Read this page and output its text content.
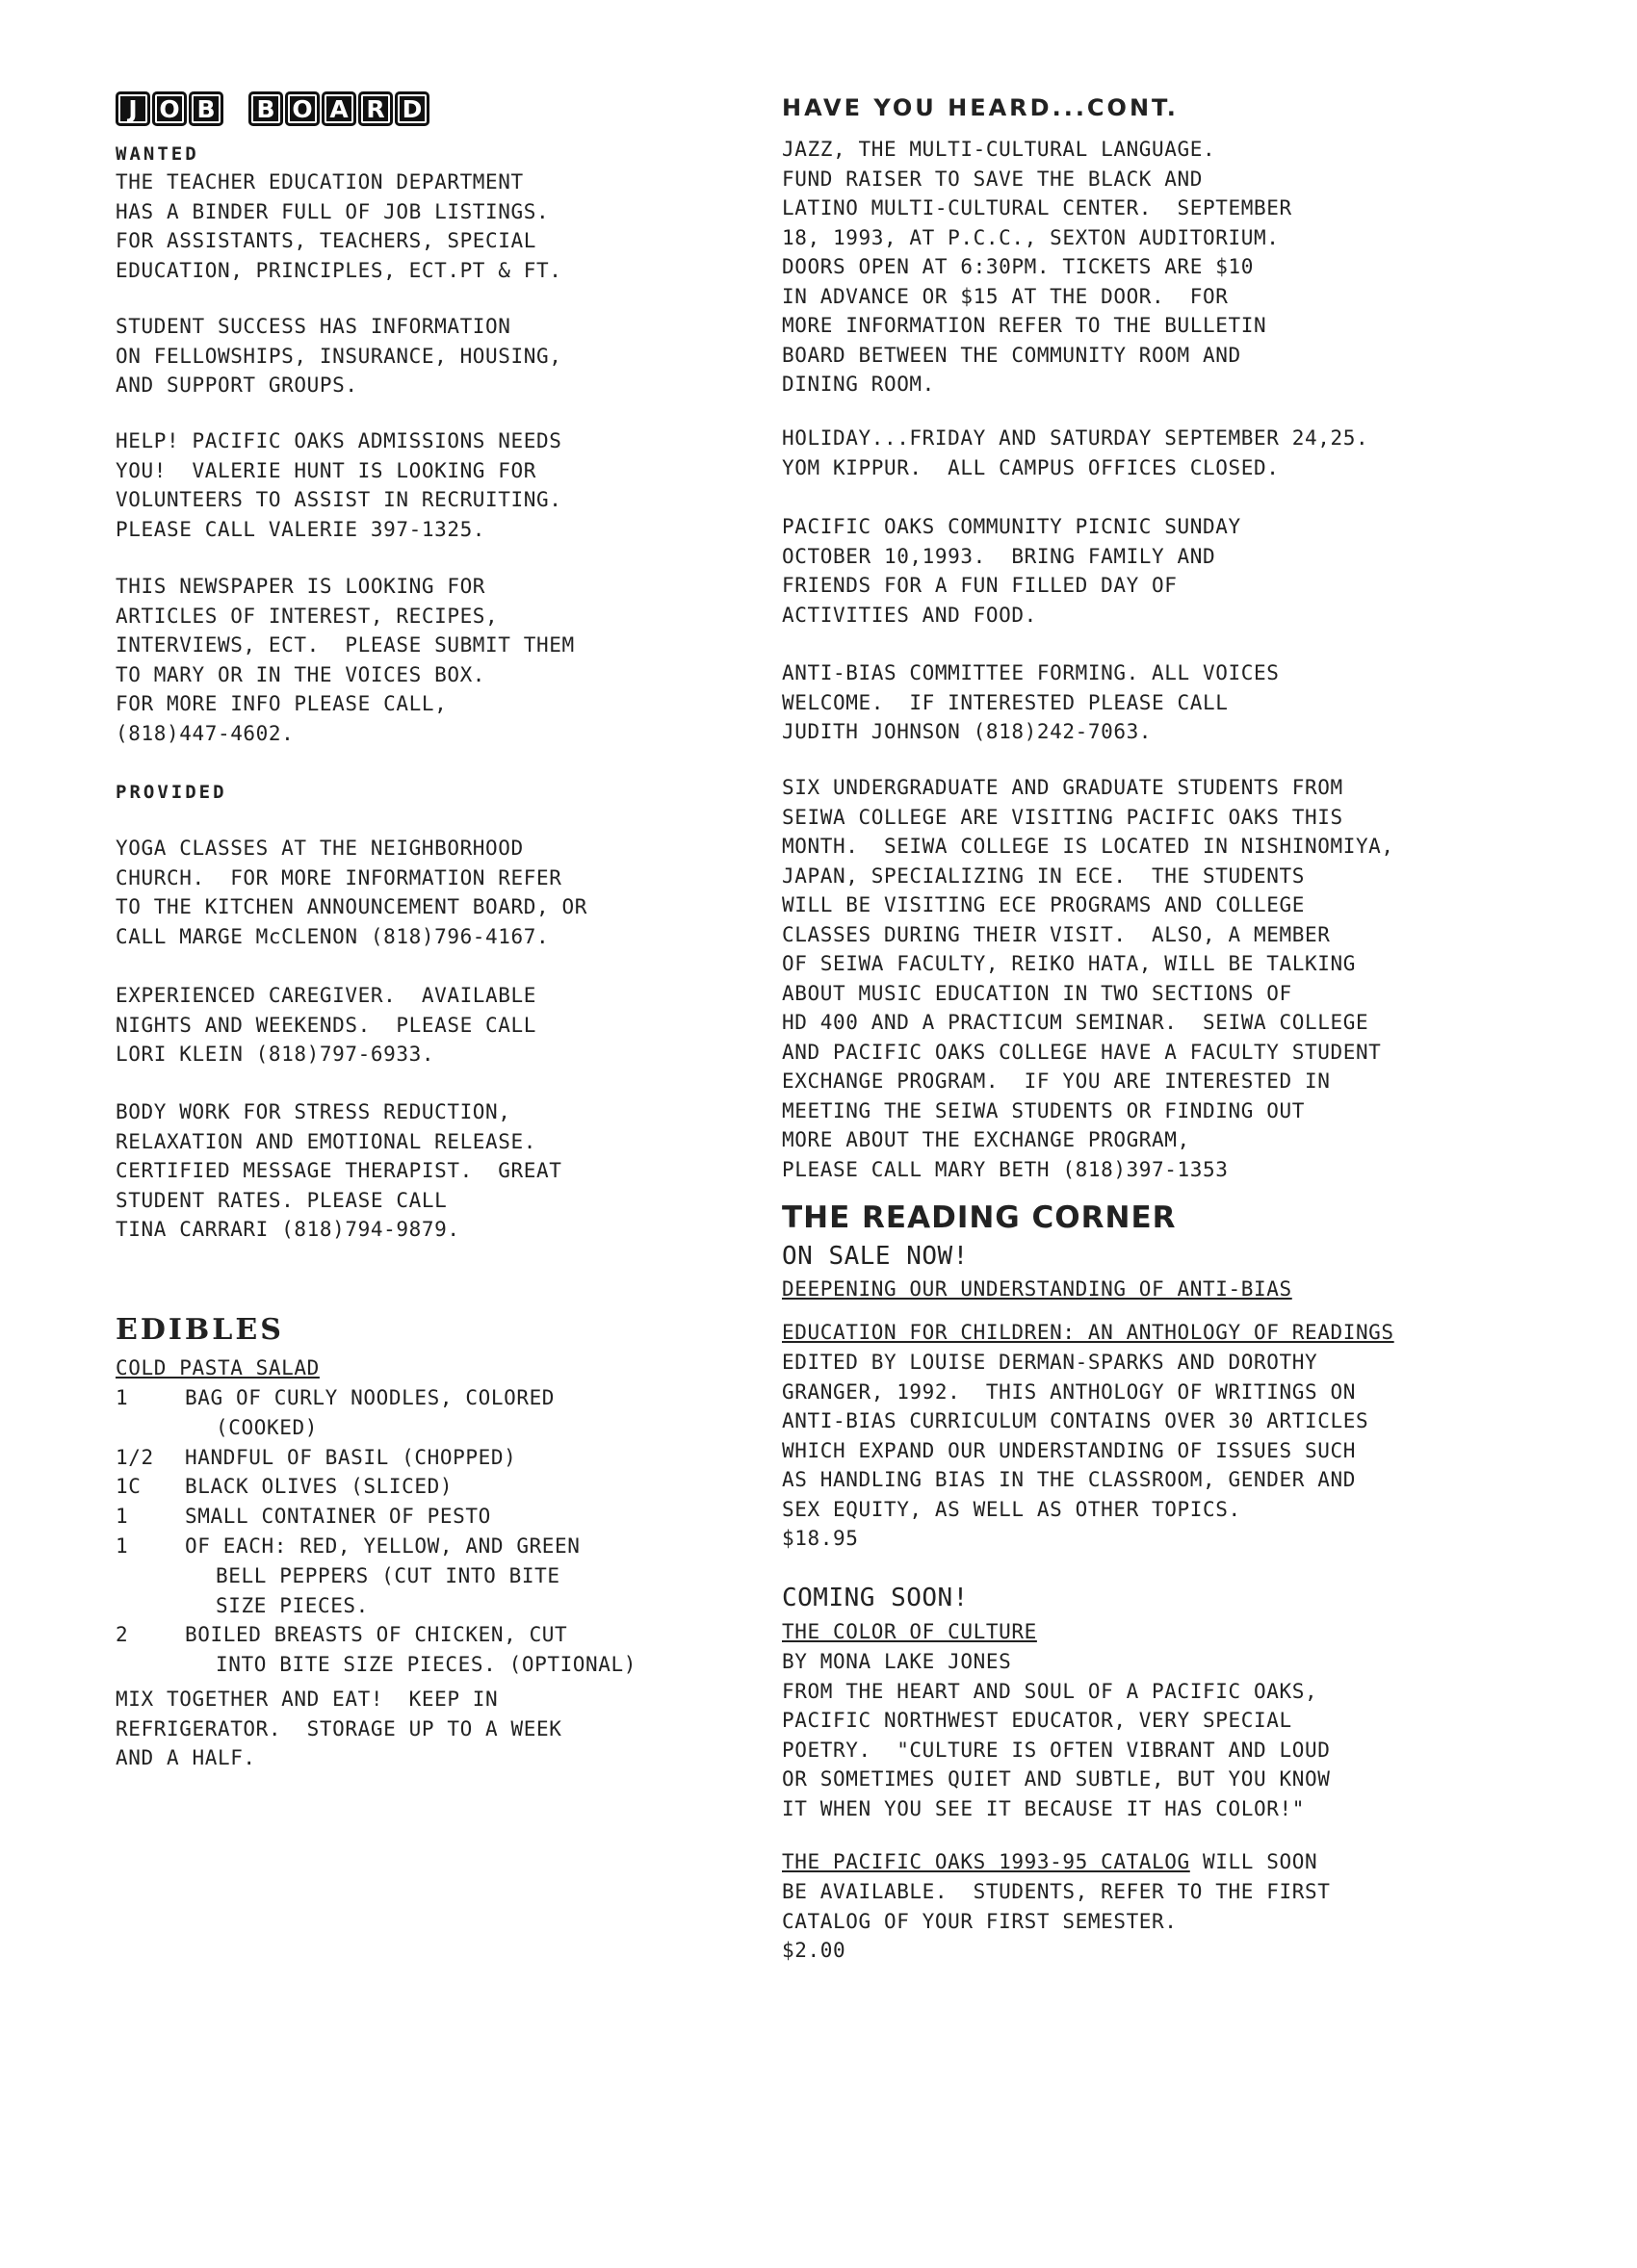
J O B	B O A R D
WANTED
THE TEACHER EDUCATION DEPARTMENT
HAS A BINDER FULL OF JOB LISTINGS.
FOR ASSISTANTS, TEACHERS, SPECIAL
EDUCATION, PRINCIPLES, ECT.PT & FT.
STUDENT SUCCESS HAS INFORMATION
ON FELLOWSHIPS, INSURANCE, HOUSING,
AND SUPPORT GROUPS.
HELP! PACIFIC OAKS ADMISSIONS NEEDS
YOU!  VALERIE HUNT IS LOOKING FOR
VOLUNTEERS TO ASSIST IN RECRUITING.
PLEASE CALL VALERIE 397-1325.
THIS NEWSPAPER IS LOOKING FOR
ARTICLES OF INTEREST, RECIPES,
INTERVIEWS, ECT.  PLEASE SUBMIT THEM
TO MARY OR IN THE VOICES BOX.
FOR MORE INFO PLEASE CALL,
(818)447-4602.
PROVIDED
YOGA CLASSES AT THE NEIGHBORHOOD
CHURCH.  FOR MORE INFORMATION REFER
TO THE KITCHEN ANNOUNCEMENT BOARD, OR
CALL MARGE McCLENON (818)796-4167.
EXPERIENCED CAREGIVER.  AVAILABLE
NIGHTS AND WEEKENDS.  PLEASE CALL
LORI KLEIN (818)797-6933.
BODY WORK FOR STRESS REDUCTION,
RELAXATION AND EMOTIONAL RELEASE.
CERTIFIED MESSAGE THERAPIST.  GREAT
STUDENT RATES. PLEASE CALL
TINA CARRARI (818)794-9879.
EDIBLES
COLD PASTA SALAD
1	BAG OF CURLY NOODLES, COLORED
(COOKED)
1/2	HANDFUL OF BASIL (CHOPPED)
1C	BLACK OLIVES (SLICED)
1	SMALL CONTAINER OF PESTO
1	OF EACH: RED, YELLOW, AND GREEN
BELL PEPPERS (CUT INTO BITE
SIZE PIECES.
2	BOILED BREASTS OF CHICKEN, CUT
INTO BITE SIZE PIECES. (OPTIONAL)
MIX TOGETHER AND EAT!  KEEP IN
REFRIGERATOR.  STORAGE UP TO A WEEK
AND A HALF.
HAVE YOU HEARD...CONT.
JAZZ, THE MULTI-CULTURAL LANGUAGE.
FUND RAISER TO SAVE THE BLACK AND
LATINO MULTI-CULTURAL CENTER.  SEPTEMBER
18, 1993, AT P.C.C., SEXTON AUDITORIUM.
DOORS OPEN AT 6:30PM. TICKETS ARE $10
IN ADVANCE OR $15 AT THE DOOR.  FOR
MORE INFORMATION REFER TO THE BULLETIN
BOARD BETWEEN THE COMMUNITY ROOM AND
DINING ROOM.
HOLIDAY...FRIDAY AND SATURDAY SEPTEMBER 24,25.
YOM KIPPUR.  ALL CAMPUS OFFICES CLOSED.
PACIFIC OAKS COMMUNITY PICNIC SUNDAY
OCTOBER 10,1993.  BRING FAMILY AND
FRIENDS FOR A FUN FILLED DAY OF
ACTIVITIES AND FOOD.
ANTI-BIAS COMMITTEE FORMING. ALL VOICES
WELCOME.  IF INTERESTED PLEASE CALL
JUDITH JOHNSON (818)242-7063.
SIX UNDERGRADUATE AND GRADUATE STUDENTS FROM
SEIWA COLLEGE ARE VISITING PACIFIC OAKS THIS
MONTH.  SEIWA COLLEGE IS LOCATED IN NISHINOMIYA,
JAPAN, SPECIALIZING IN ECE.  THE STUDENTS
WILL BE VISITING ECE PROGRAMS AND COLLEGE
CLASSES DURING THEIR VISIT.  ALSO, A MEMBER
OF SEIWA FACULTY, REIKO HATA, WILL BE TALKING
ABOUT MUSIC EDUCATION IN TWO SECTIONS OF
HD 400 AND A PRACTICUM SEMINAR.  SEIWA COLLEGE
AND PACIFIC OAKS COLLEGE HAVE A FACULTY STUDENT
EXCHANGE PROGRAM.  IF YOU ARE INTERESTED IN
MEETING THE SEIWA STUDENTS OR FINDING OUT
MORE ABOUT THE EXCHANGE PROGRAM,
PLEASE CALL MARY BETH (818)397-1353
THE READING CORNER
ON SALE NOW!
DEEPENING OUR UNDERSTANDING OF ANTI-BIAS
EDUCATION FOR CHILDREN: AN ANTHOLOGY OF READINGS
EDITED BY LOUISE DERMAN-SPARKS AND DOROTHY
GRANGER, 1992.  THIS ANTHOLOGY OF WRITINGS ON
ANTI-BIAS CURRICULUM CONTAINS OVER 30 ARTICLES
WHICH EXPAND OUR UNDERSTANDING OF ISSUES SUCH
AS HANDLING BIAS IN THE CLASSROOM, GENDER AND
SEX EQUITY, AS WELL AS OTHER TOPICS.
$18.95
COMING SOON!
THE COLOR OF CULTURE
BY MONA LAKE JONES
FROM THE HEART AND SOUL OF A PACIFIC OAKS,
PACIFIC NORTHWEST EDUCATOR, VERY SPECIAL
POETRY.  "CULTURE IS OFTEN VIBRANT AND LOUD
OR SOMETIMES QUIET AND SUBTLE, BUT YOU KNOW
IT WHEN YOU SEE IT BECAUSE IT HAS COLOR!"
THE PACIFIC OAKS 1993-95 CATALOG WILL SOON
BE AVAILABLE.  STUDENTS, REFER TO THE FIRST
CATALOG OF YOUR FIRST SEMESTER.
$2.00
